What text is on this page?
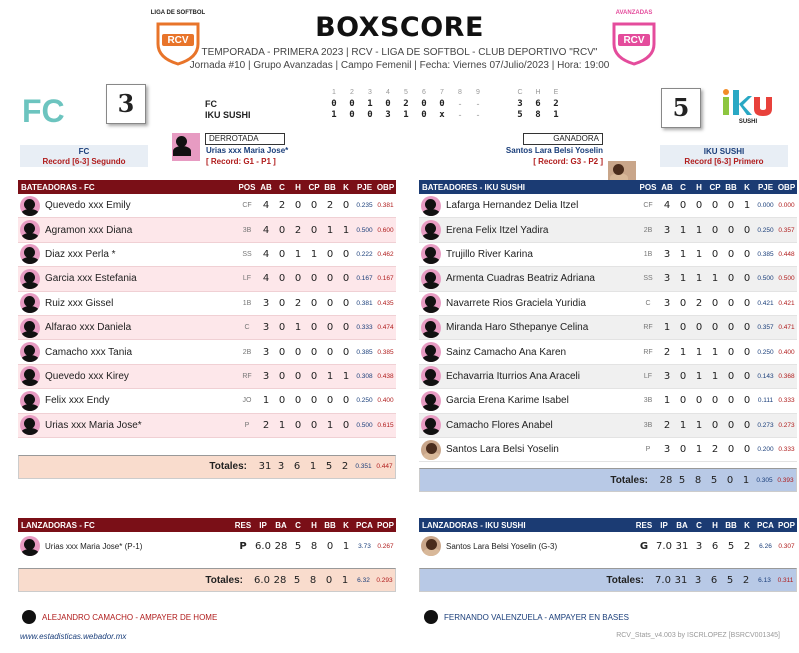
RCV
LIGA DE SOFTBOL
RCV
AVANZADAS
BOXSCORE
TEMPORADA - PRIMERA 2023 | RCV - LIGA DE SOFTBOL - CLUB DEPORTIVO "RCV"
Jornada #10 | Grupo Avanzadas | Campo Femenil | Fecha: Viernes 07/Julio/2023 | Hora: 19:00
FC	SUSHI
3	5
FC
Record [6-3] Segundo
IKU SUSHI
Record [6-3] Primero
	1	2	3	4	5	6	7	8	9		C	H	E
FC	0	0	1	0	2	0	0	-	-		3	6	2
IKU SUSHI	1	0	0	3	1	0	x	-	-		5	8	1
DERROTADA
Urias xxx Maria Jose*
[ Record: G1 - P1 ]
GANADORA
Santos Lara Belsi Yoselin
[ Record: G3 - P2 ]
BATEADORAS - FC	POS AB C	H CP BB K	PJE OBP
Quevedo xxx Emily	CF	4 2 0 0 2 0	0.235 0.381
Agramon xxx Diana	3B	4 0 2 0 1 1	0.500 0.600
Diaz xxx Perla *	SS	4 0 1 1 0 0	0.222 0.462
Garcia xxx Estefania	LF	4 0 0 0 0 0	0.167 0.167
Ruiz xxx Gissel	1B	3 0 2 0 0 0	0.381 0.435
Alfarao xxx Daniela	C	3 0 1 0 0 0	0.333 0.474
Camacho xxx Tania	2B	3 0 0 0 0 0	0.385 0.385
Quevedo xxx Kirey	RF	3 0 0 0 1 1	0.308 0.438
Felix xxx Endy	JO	1 0 0 0 0 0	0.250 0.400
Urias xxx Maria Jose*	P	2 1 0 0 1 0	0.500 0.615
Totales:	31 3 6 1 5 2	0.351 0.447
BATEADORES - IKU SUSHI	POS AB C	H CP BB K	PJE OBP
Lafarga Hernandez Delia Itzel	CF	4 0 0 0 0 1	0.000 0.000
Erena Felix Itzel Yadira	2B	3 1 1 0 0 0	0.250 0.357
Trujillo River Karina	1B	3 1 1 0 0 0	0.385 0.448
Armenta Cuadras Beatriz Adriana	SS	3 1 1 1 0 0	0.500 0.500
Navarrete Rios Graciela Yuridia	C	3 0 2 0 0 0	0.421 0.421
Miranda Haro Sthepanye Celina	RF	1 0 0 0 0 0	0.357 0.471
Sainz Camacho Ana Karen	RF	2 1 1 1 0 0	0.250 0.400
Echavarria Iturrios Ana Araceli	LF	3 0 1 1 0 0	0.143 0.368
Garcia Erena Karime Isabel	3B	1 0 0 0 0 0	0.111 0.333
Camacho Flores Anabel	3B	2 1 1 0 0 0	0.273 0.273
Santos Lara Belsi Yoselin	P	3 0 1 2 0 0	0.200 0.333
Totales:	28 5 8 5 0 1	0.305 0.393
LANZADORAS - FC	RES	IP	BA	C	H BB K PCA POP
Urias xxx Maria Jose* (P-1)	P 6.0 28 5 8 0 1	3.73	0.267
Totales:	6.0 28 5 8 0 1	6.32	0.293
LANZADORAS - IKU SUSHI	RES	IP	BA	C	H BB K PCA POP
Santos Lara Belsi Yoselin (G-3)	G 7.0 31 3 6 5 2	6.26	0.307
Totales:	7.0 31 3 6 5 2	6.13	0.311
ALEJANDRO CAMACHO - AMPAYER DE HOME	FERNANDO VALENZUELA - AMPAYER EN BASES
www.estadisticas.webador.mx	RCV_Stats_v4.003 by ISCRLOPEZ [BSRCV001345]
